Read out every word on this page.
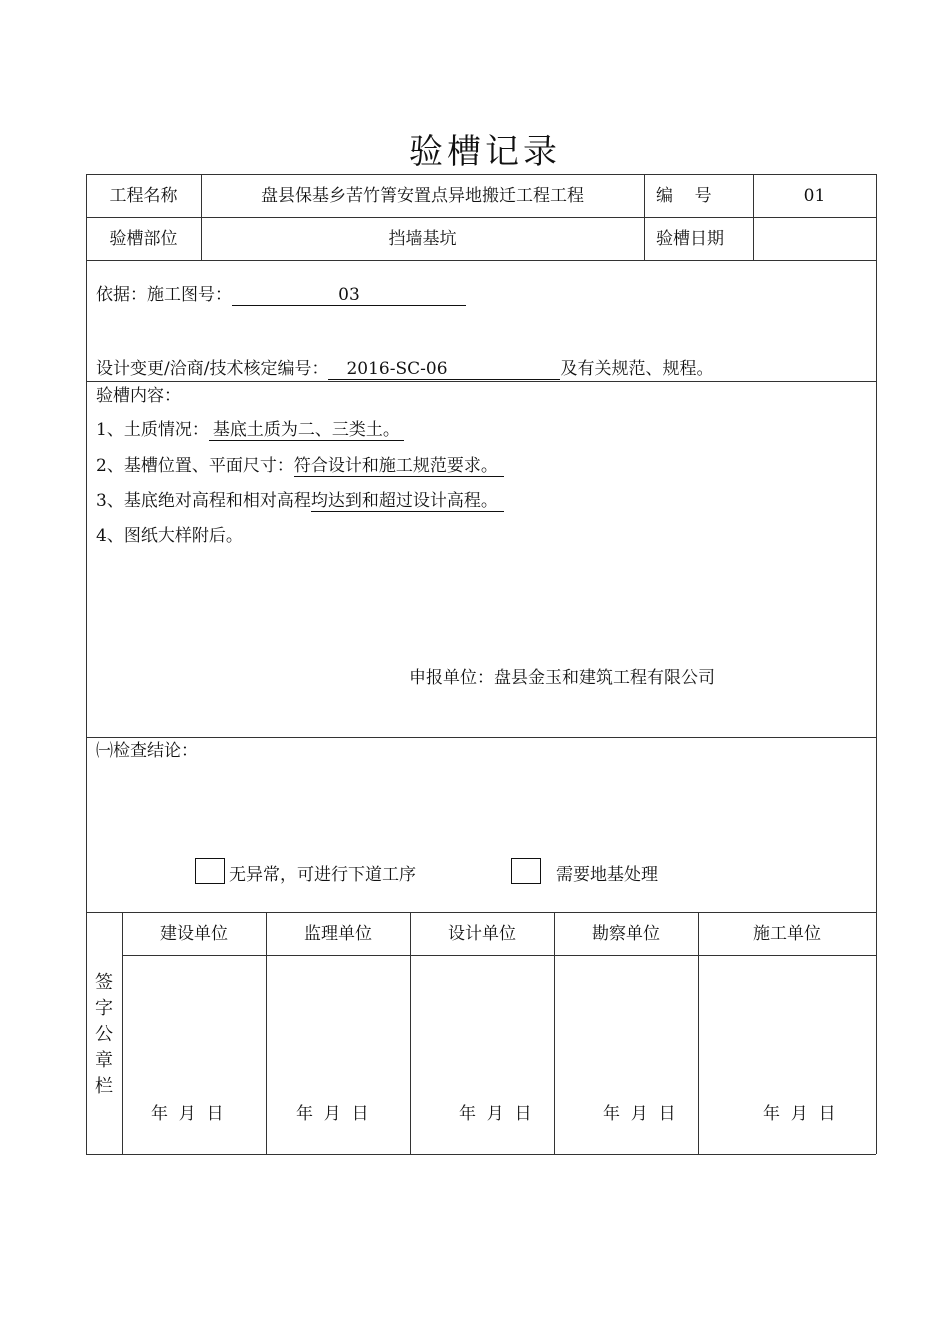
验槽记录
工程名称	盘县保基乡苦竹箐安置点异地搬迁工程工程	编    号	01
验槽部位	挡墙基坑	验槽日期
依据：施工图号：	03
设计变更/洽商/技术核定编号： 2016-SC-06	及有关规范、规程。
验槽内容：
1、土质情况： 基底土质为二、三类土。
2、基槽位置、平面尺寸：符合设计和施工规范要求。
3、基底绝对高程和相对高程均达到和超过设计高程。
4、图纸大样附后。
申报单位：盘县金玉和建筑工程有限公司
㈠检查结论：
无异常，可进行下道工序	需要地基处理
签字公章栏
建设单位	监理单位	设计单位	勘察单位	施工单位
年  月  日	年  月  日	年  月  日	年  月  日	年  月  日
